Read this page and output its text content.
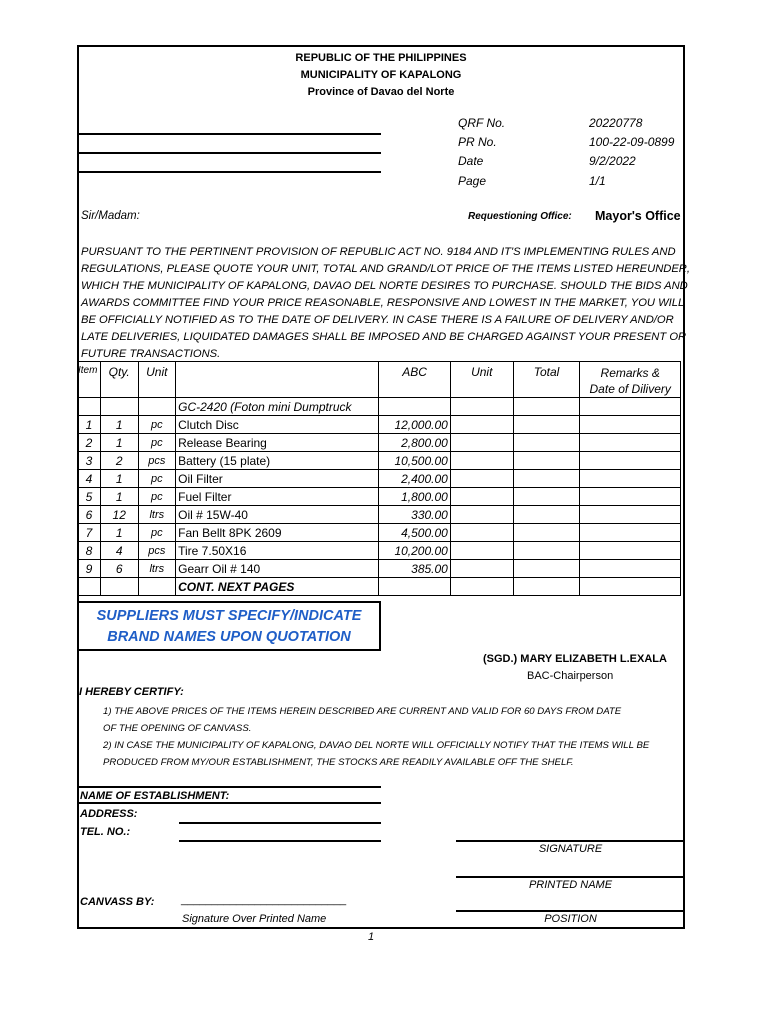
REPUBLIC OF THE PHILIPPINES
MUNICIPALITY OF KAPALONG
Province of Davao del Norte
QRF No.	20220778
PR No.	100-22-09-0899
Date	9/2/2022
Page	1/1
Sir/Madam:	Requestioning Office: Mayor's Office
PURSUANT TO THE PERTINENT PROVISION OF REPUBLIC ACT NO. 9184 AND IT'S IMPLEMENTING RULES AND
REGULATIONS, PLEASE QUOTE YOUR UNIT, TOTAL AND GRAND/LOT PRICE OF THE ITEMS LISTED HEREUNDER,
WHICH THE MUNICIPALITY OF KAPALONG, DAVAO DEL NORTE DESIRES TO PURCHASE. SHOULD THE BIDS AND
AWARDS COMMITTEE FIND YOUR PRICE REASONABLE, RESPONSIVE AND LOWEST IN THE MARKET, YOU WILL
BE OFFICIALLY NOTIFIED AS TO THE DATE OF DELIVERY. IN CASE THERE IS A FAILURE OF DELIVERY AND/OR
LATE DELIVERIES, LIQUIDATED DAMAGES SHALL BE IMPOSED AND BE CHARGED AGAINST YOUR PRESENT OR
FUTURE TRANSACTIONS.
Item	Qty.	Unit		ABC	Unit	Total	Remarks &
Date of Dilivery

			GC-2420 (Foton mini Dumptruck				
1	1	pc	Clutch Disc	12,000.00			
2	1	pc	Release Bearing	2,800.00			
3	2	pcs	Battery (15 plate)	10,500.00			
4	1	pc	Oil Filter	2,400.00			
5	1	pc	Fuel Filter	1,800.00			
6	12	ltrs	Oil # 15W-40	330.00			
7	1	pc	Fan Bellt 8PK 2609	4,500.00			
8	4	pcs	Tire 7.50X16	10,200.00			
9	6	ltrs	Gearr Oil # 140	385.00			
			CONT. NEXT PAGES				
SUPPLIERS MUST SPECIFY/INDICATE
BRAND NAMES UPON QUOTATION
(SGD.) MARY ELIZABETH L.EXALA
BAC-Chairperson
I HEREBY CERTIFY:
1) THE ABOVE PRICES OF THE ITEMS HEREIN DESCRIBED ARE CURRENT AND VALID FOR 60 DAYS FROM DATE
OF THE OPENING OF CANVASS.
2) IN CASE THE MUNICIPALITY OF KAPALONG, DAVAO DEL NORTE WILL OFFICIALLY NOTIFY THAT THE ITEMS WILL BE
PRODUCED FROM MY/OUR ESTABLISHMENT, THE STOCKS ARE READILY AVAILABLE OFF THE SHELF.
NAME OF ESTABLISHMENT:
ADDRESS:
TEL. NO.:
SIGNATURE
PRINTED NAME
POSITION
CANVASS BY: ___________________________
Signature Over Printed Name
1
